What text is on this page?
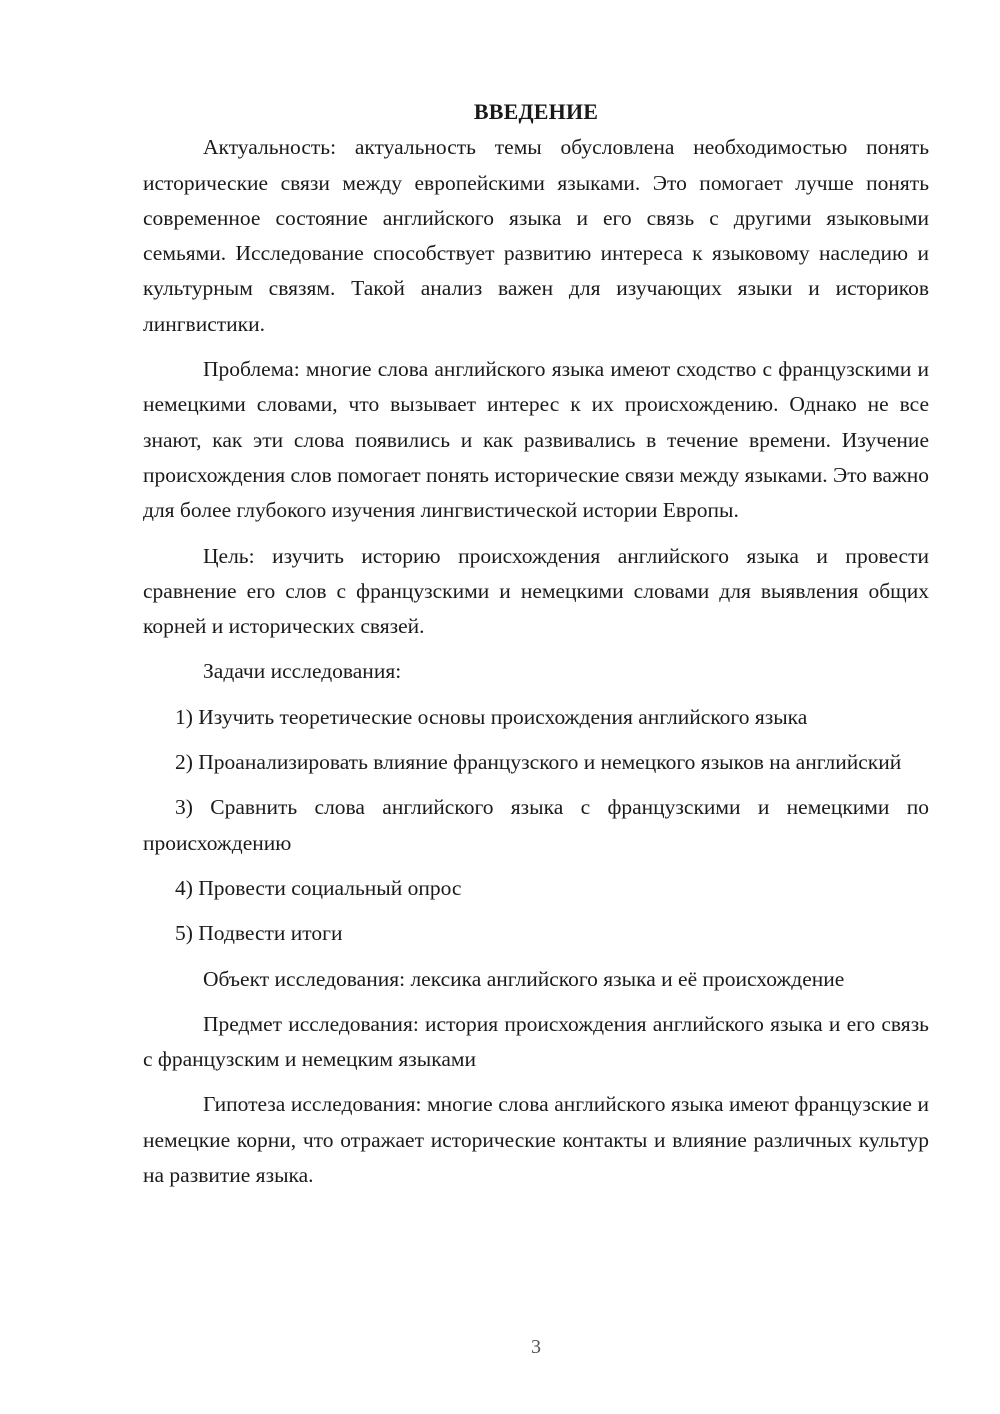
ВВЕДЕНИЕ

Актуальность: актуальность темы обусловлена необходимостью понять исторические связи между европейскими языками. Это помогает лучше понять современное состояние английского языка и его связь с другими языковыми семьями. Исследование способствует развитию интереса к языковому наследию и культурным связям. Такой анализ важен для изучающих языки и историков лингвистики.

Проблема: многие слова английского языка имеют сходство с французскими и немецкими словами, что вызывает интерес к их происхождению. Однако не все знают, как эти слова появились и как развивались в течение времени. Изучение происхождения слов помогает понять исторические связи между языками. Это важно для более глубокого изучения лингвистической истории Европы.

Цель: изучить историю происхождения английского языка и провести сравнение его слов с французскими и немецкими словами для выявления общих корней и исторических связей.

Задачи исследования:

1) Изучить теоретические основы происхождения английского языка

2) Проанализировать влияние французского и немецкого языков на английский

3) Сравнить слова английского языка с французскими и немецкими по происхождению

4) Провести социальный опрос

5) Подвести итоги

Объект исследования: лексика английского языка и её происхождение

Предмет исследования: история происхождения английского языка и его связь с французским и немецким языками

Гипотеза исследования: многие слова английского языка имеют французские и немецкие корни, что отражает исторические контакты и влияние различных культур на развитие языка.

3
